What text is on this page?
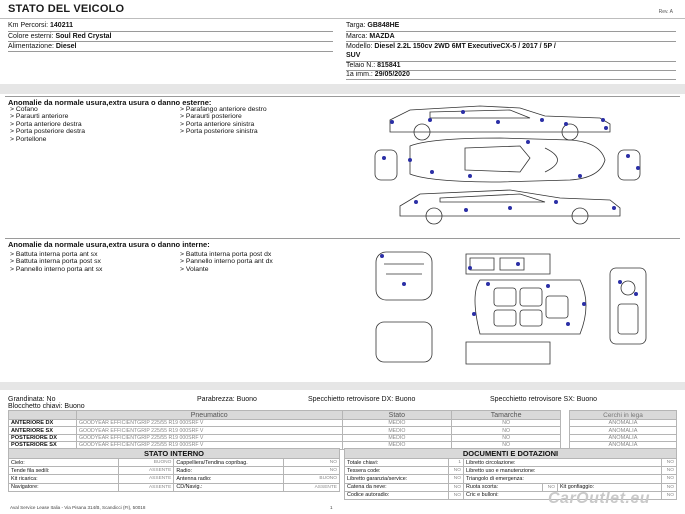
STATO DEL VEICOLO	Rev. A
Km Percorsi: 140211
Colore esterni: Soul Red Crystal
Alimentazione: Diesel
Targa: GB848HE
Marca: MAZDA
Modello: Diesel 2.2L 150cv 2WD 6MT ExecutiveCX-5 / 2017 / 5P /
SUV
Telaio N.: 815841
1a imm.: 29/05/2020
Anomalie da normale usura,extra usura o danno esterne:
> Cofano
> Paraurti anteriore
> Porta anteriore destra
> Porta posteriore destra
> Portellone
> Parafango anteriore destro
> Paraurti posteriore
> Porta anteriore sinistra
> Porta posteriore sinistra
Anomalie da normale usura,extra usura o danno interne:
> Battuta interna porta ant sx
> Battuta interna porta post sx
> Pannello interno porta ant sx
> Battuta interna porta post dx
> Pannello interno porta ant dx
> Volante
Grandinata: No
Blocchetto chiavi: Buono
Parabrezza: Buono	Specchietto retrovisore DX: Buono	Specchietto retrovisore SX: Buono
	Pneumatico	Stato	Tamarche
ANTERIORE DX	GOODYEAR EFFICIENTGRIP 225/55 R19 000SRF V	MEDIO	NO
ANTERIORE SX	GOODYEAR EFFICIENTGRIP 225/55 R19 000SRF V	MEDIO	NO
POSTERIORE DX	GOODYEAR EFFICIENTGRIP 225/55 R19 000SRF V	MEDIO	NO
POSTERIORE SX	GOODYEAR EFFICIENTGRIP 225/55 R19 000SRF V	MEDIO	NO
Cerchi in lega
ANOMALIA
ANOMALIA
ANOMALIA
ANOMALIA
STATO INTERNO			
Cielo:	BUONO	Cappelliera/Tendina copribag.	NO
Tende fila sedili:	ASSENTE	Radio:	NO
Kit ricarica:	ASSENTE	Antenna radio:	BUONO
Navigatore:	ASSENTE	CD/Navig.:	ASSENTE
DOCUMENTI E DOTAZIONI					
Totale chiavi:	1	Libretto circolazione:			NO
Tessera code:	NO	Libretto uso e manutenzione:			NO
Libretto garanzia/service:	NO	Triangolo di emergenza:			NO
Catena da neve:	NO	Ruota scorta:	NO	Kit gonfiaggio:	NO
Codice autoradio:	NO	Cric e bulloni:			NO
Aval Service Lease Italia - Via Pisana 314/B, Scandicci (FI), 50018	1
CarOutlet.eu
